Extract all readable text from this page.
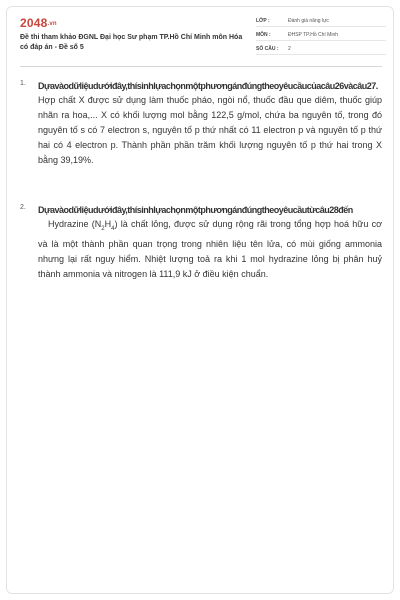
2048.vn
Đề thi tham khảo ĐGNL Đại học Sư phạm TP.Hồ Chí Minh môn Hóa có đáp án - Đề số 5
LỚP :	Đánh giá năng lực
MÔN :	ĐHSP TP.Hồ Chí Minh
SỐ CÂU :	2
1. Dựavàodữliệudướiđây,thísinhlựachọnmộtphươngánđúngtheoyêucầucủacâu26vàcâu27.
Hợp chất X được sử dụng làm thuốc pháo, ngòi nổ, thuốc đầu que diêm, thuốc giúp nhãn ra hoa,... X có khối lượng mol bằng 122,5 g/mol, chứa ba nguyên tố, trong đó nguyên tố s có 7 electron s, nguyên tố p thứ nhất có 11 electron p và nguyên tố p thứ hai có 4 electron p. Thành phần phần trăm khối lượng nguyên tố p thứ hai trong X bằng 39,19%.
2. Dựavàodữliệudướiđây,thísinhlựachọnmộtphươngánđúngtheoyêucầutừcâu28đến
Hydrazine $(N_2H_4)$ là chất lỏng, được sử dụng rộng rãi trong tổng hợp hoá hữu cơ và là một thành phần quan trọng trong nhiên liệu tên lửa, có mùi giống ammonia nhưng lại rất nguy hiểm. Nhiệt lượng toả ra khi 1 mol hydrazine lỏng bị phân huỷ thành ammonia và nitrogen là 111,9 kJ ở điều kiện chuẩn.
